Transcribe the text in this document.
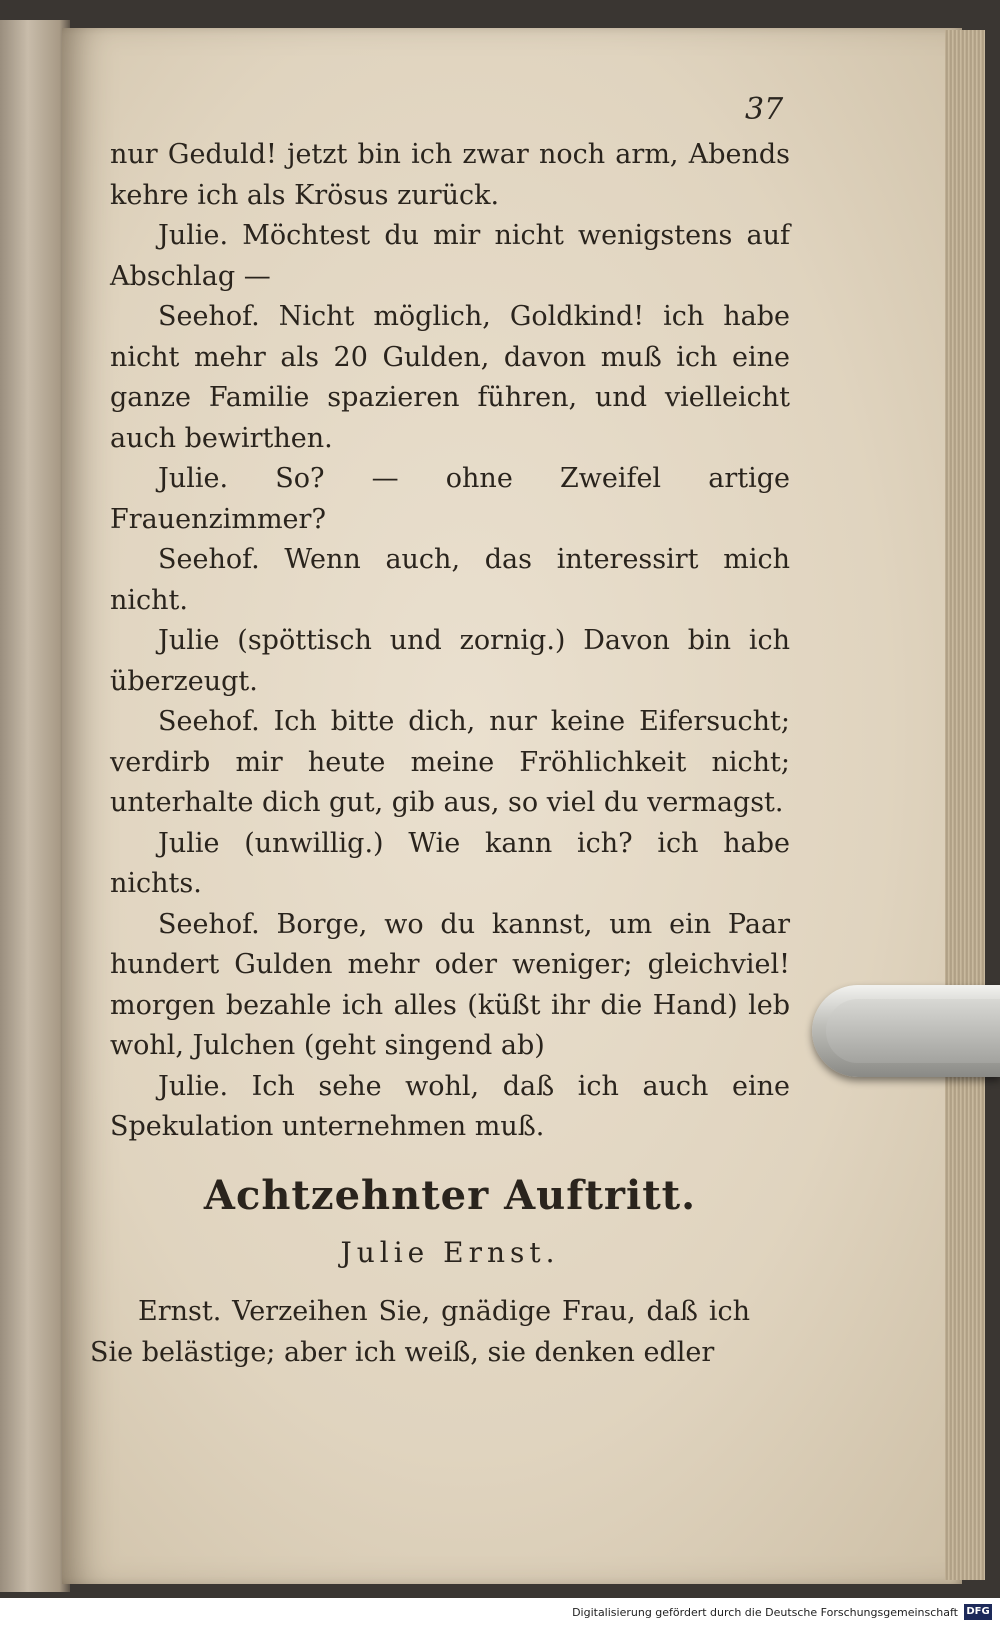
37

nur Geduld! jetzt bin ich zwar noch arm, Abends kehre ich als Krösus zurück.

Julie. Möchtest du mir nicht wenigstens auf Abschlag —

Seehof. Nicht möglich, Goldkind! ich habe nicht mehr als 20 Gulden, davon muß ich eine ganze Familie spazieren führen, und vielleicht auch bewirthen.

Julie. So? — ohne Zweifel artige Frauenzimmer?

Seehof. Wenn auch, das interessirt mich nicht.

Julie (spöttisch und zornig.) Davon bin ich überzeugt.

Seehof. Ich bitte dich, nur keine Eifersucht; verdirb mir heute meine Fröhlichkeit nicht; unterhalte dich gut, gib aus, so viel du vermagst.

Julie (unwillig.) Wie kann ich? ich habe nichts.

Seehof. Borge, wo du kannst, um ein Paar hundert Gulden mehr oder weniger; gleichviel! morgen bezahle ich alles (küßt ihr die Hand) leb wohl, Julchen (geht singend ab)

Julie. Ich sehe wohl, daß ich auch eine Spekulation unternehmen muß.

Achtzehnter Auftritt.
Julie Ernst.

Ernst. Verzeihen Sie, gnädige Frau, daß ich Sie belästige; aber ich weiß, sie denken edler

Digitalisierung gefördert durch die Deutsche Forschungsgemeinschaft DFG
